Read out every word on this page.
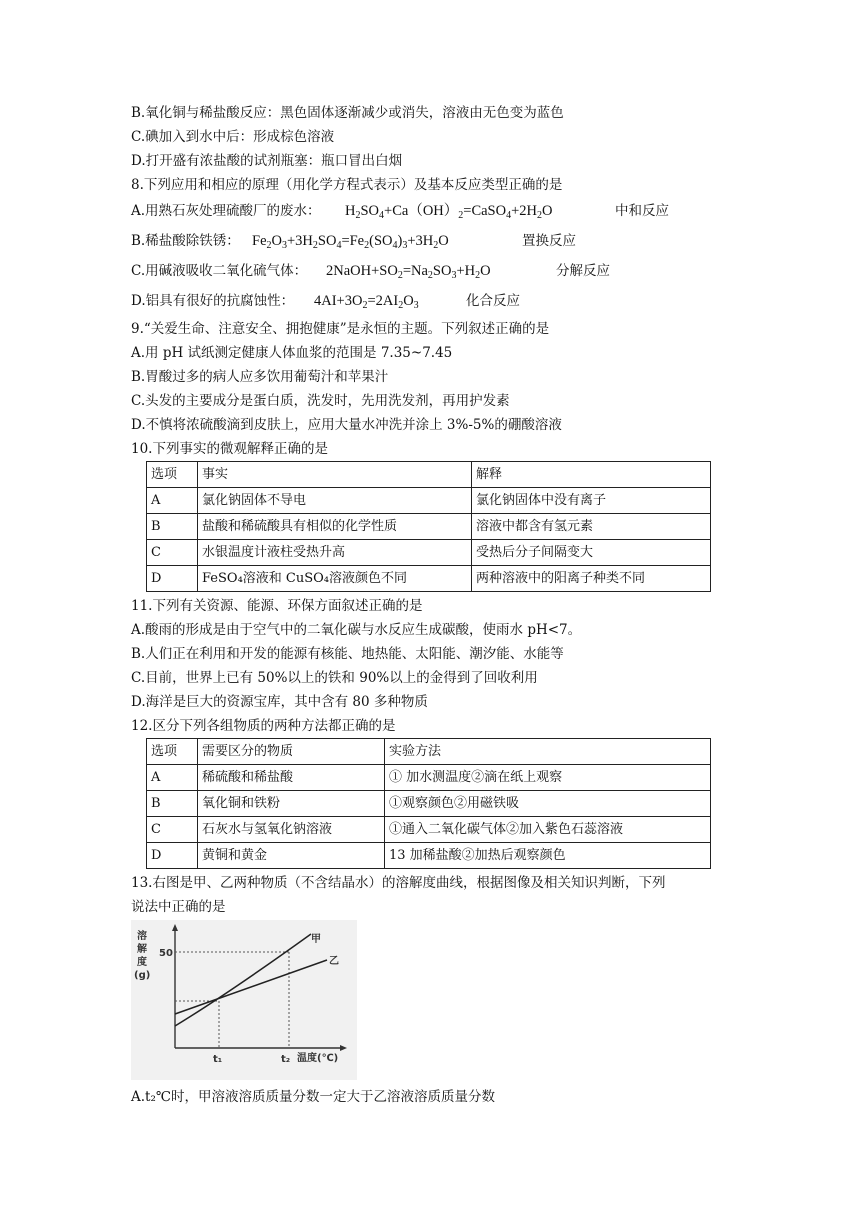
B.氧化铜与稀盐酸反应：黑色固体逐渐减少或消失，溶液由无色变为蓝色
C.碘加入到水中后：形成棕色溶液
D.打开盛有浓盐酸的试剂瓶塞：瓶口冒出白烟
8.下列应用和相应的原理（用化学方程式表示）及基本反应类型正确的是
A.用熟石灰处理硫酸厂的废水： $H_2SO_4+Ca(OH)_2=CaSO_4+2H_2O$	中和反应
B.稀盐酸除铁锈： $Fe_2O_3+3H_2SO_4=Fe_2(SO_4)_3+3H_2O$	置换反应
C.用碱液吸收二氧化硫气体： $2NaOH+SO_2=Na_2SO_3+H_2O$	分解反应
D.铝具有很好的抗腐蚀性： $4AI+3O_2=2AI_2O_3$	化合反应
9.“关爱生命、注意安全、拥抱健康”是永恒的主题。下列叙述正确的是
A.用 pH 试纸测定健康人体血浆的范围是 7.35~7.45
B.胃酸过多的病人应多饮用葡萄汁和苹果汁
C.头发的主要成分是蛋白质，洗发时，先用洗发剂，再用护发素
D.不慎将浓硫酸滴到皮肤上，应用大量水冲洗并涂上 3%-5%的硼酸溶液
10.下列事实的微观解释正确的是
选项	事实	解释
A	氯化钠固体不导电	氯化钠固体中没有离子
B	盐酸和稀硫酸具有相似的化学性质	溶液中都含有氢元素
C	水银温度计液柱受热升高	受热后分子间隔变大
D	FeSO₄溶液和 CuSO₄溶液颜色不同	两种溶液中的阳离子种类不同
11.下列有关资源、能源、环保方面叙述正确的是
A.酸雨的形成是由于空气中的二氧化碳与水反应生成碳酸，使雨水 pH<7。
B.人们正在利用和开发的能源有核能、地热能、太阳能、潮汐能、水能等
C.目前，世界上已有 50%以上的铁和 90%以上的金得到了回收利用
D.海洋是巨大的资源宝库，其中含有 80 多种物质
12.区分下列各组物质的两种方法都正确的是
选项	需要区分的物质	实验方法
A	稀硫酸和稀盐酸	① 加水测温度②滴在纸上观察
B	氧化铜和铁粉	①观察颜色②用磁铁吸
C	石灰水与氢氧化钠溶液	①通入二氧化碳气体②加入紫色石蕊溶液
D	黄铜和黄金	13 加稀盐酸②加热后观察颜色
13.右图是甲、乙两种物质（不含结晶水）的溶解度曲线，根据图像及相关知识判断，下列
说法中正确的是
溶
解
度
(g)
50
t₁	t₂ 温度(℃)
甲
乙
A.t₂℃时，甲溶液溶质质量分数一定大于乙溶液溶质质量分数
